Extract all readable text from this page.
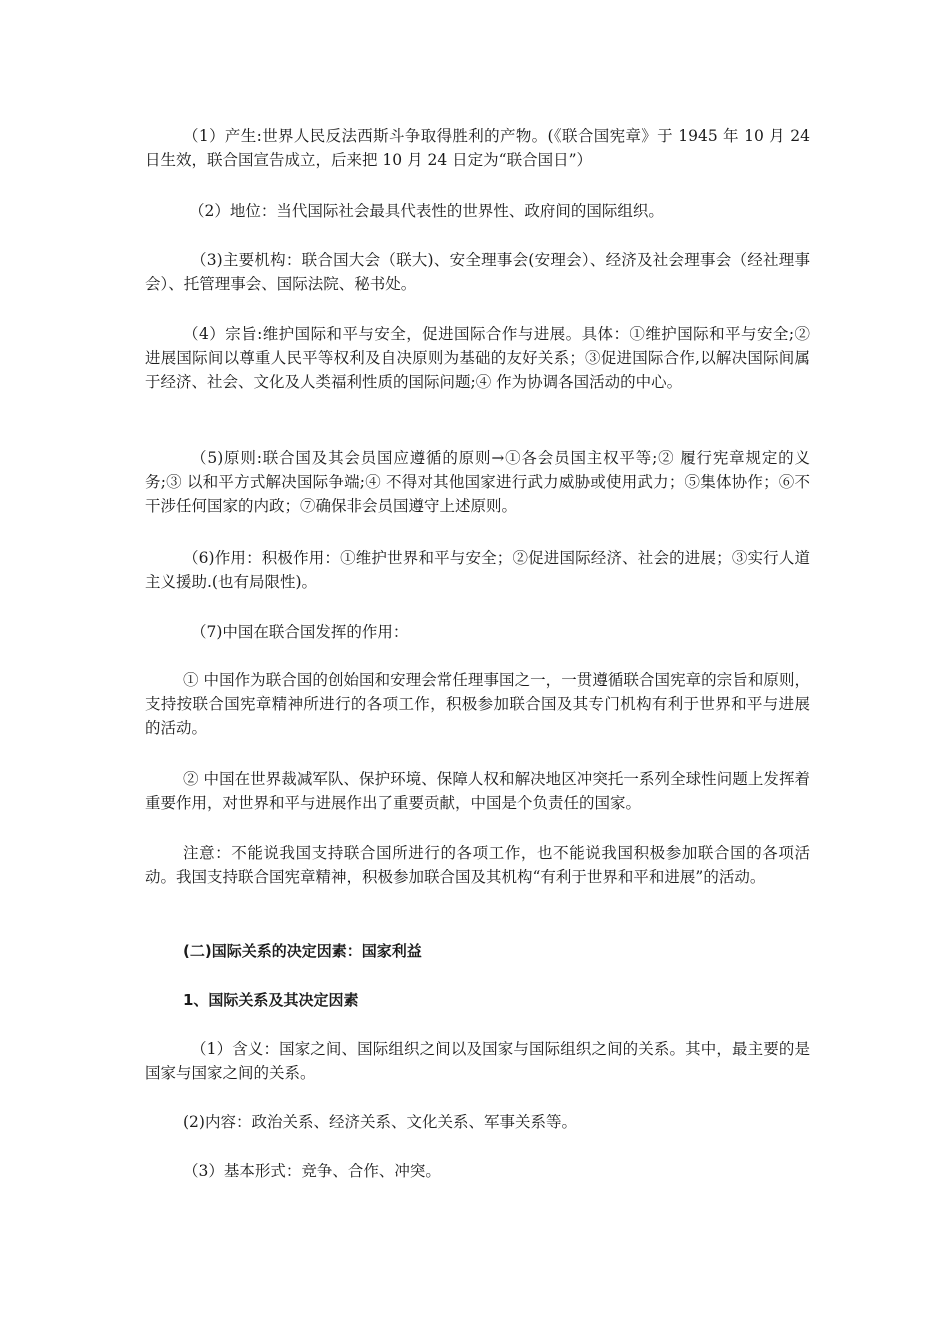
（1）产生:世界人民反法西斯斗争取得胜利的产物。(《联合国宪章》于 1945 年 10 月 24 日生效，联合国宣告成立，后来把 10 月 24 日定为“联合国日”）

（2）地位：当代国际社会最具代表性的世界性、政府间的国际组织。

（3)主要机构：联合国大会（联大)、安全理事会(安理会）、经济及社会理事会（经社理事会）、托管理事会、国际法院、秘书处。

（4）宗旨:维护国际和平与安全，促进国际合作与进展。具体：①维护国际和平与安全;② 进展国际间以尊重人民平等权利及自决原则为基础的友好关系；③促进国际合作,以解决国际间属于经济、社会、文化及人类福利性质的国际问题;④ 作为协调各国活动的中心。

（5)原则:联合国及其会员国应遵循的原则→①各会员国主权平等;② 履行宪章规定的义务;③ 以和平方式解决国际争端;④ 不得对其他国家进行武力威胁或使用武力；⑤集体协作；⑥不干涉任何国家的内政；⑦确保非会员国遵守上述原则。

（6)作用：积极作用：①维护世界和平与安全；②促进国际经济、社会的进展；③实行人道主义援助.(也有局限性)。

（7)中国在联合国发挥的作用：

① 中国作为联合国的创始国和安理会常任理事国之一，一贯遵循联合国宪章的宗旨和原则，支持按联合国宪章精神所进行的各项工作，积极参加联合国及其专门机构有利于世界和平与进展的活动。

② 中国在世界裁减军队、保护环境、保障人权和解决地区冲突托一系列全球性问题上发挥着重要作用，对世界和平与进展作出了重要贡献，中国是个负责任的国家。

注意：不能说我国支持联合国所进行的各项工作，也不能说我国积极参加联合国的各项活动。我国支持联合国宪章精神，积极参加联合国及其机构“有利于世界和平和进展”的活动。

(二)国际关系的决定因素：国家利益

1、国际关系及其决定因素

（1）含义：国家之间、国际组织之间以及国家与国际组织之间的关系。其中，最主要的是国家与国家之间的关系。

(2)内容：政治关系、经济关系、文化关系、军事关系等。

（3）基本形式：竞争、合作、冲突。
